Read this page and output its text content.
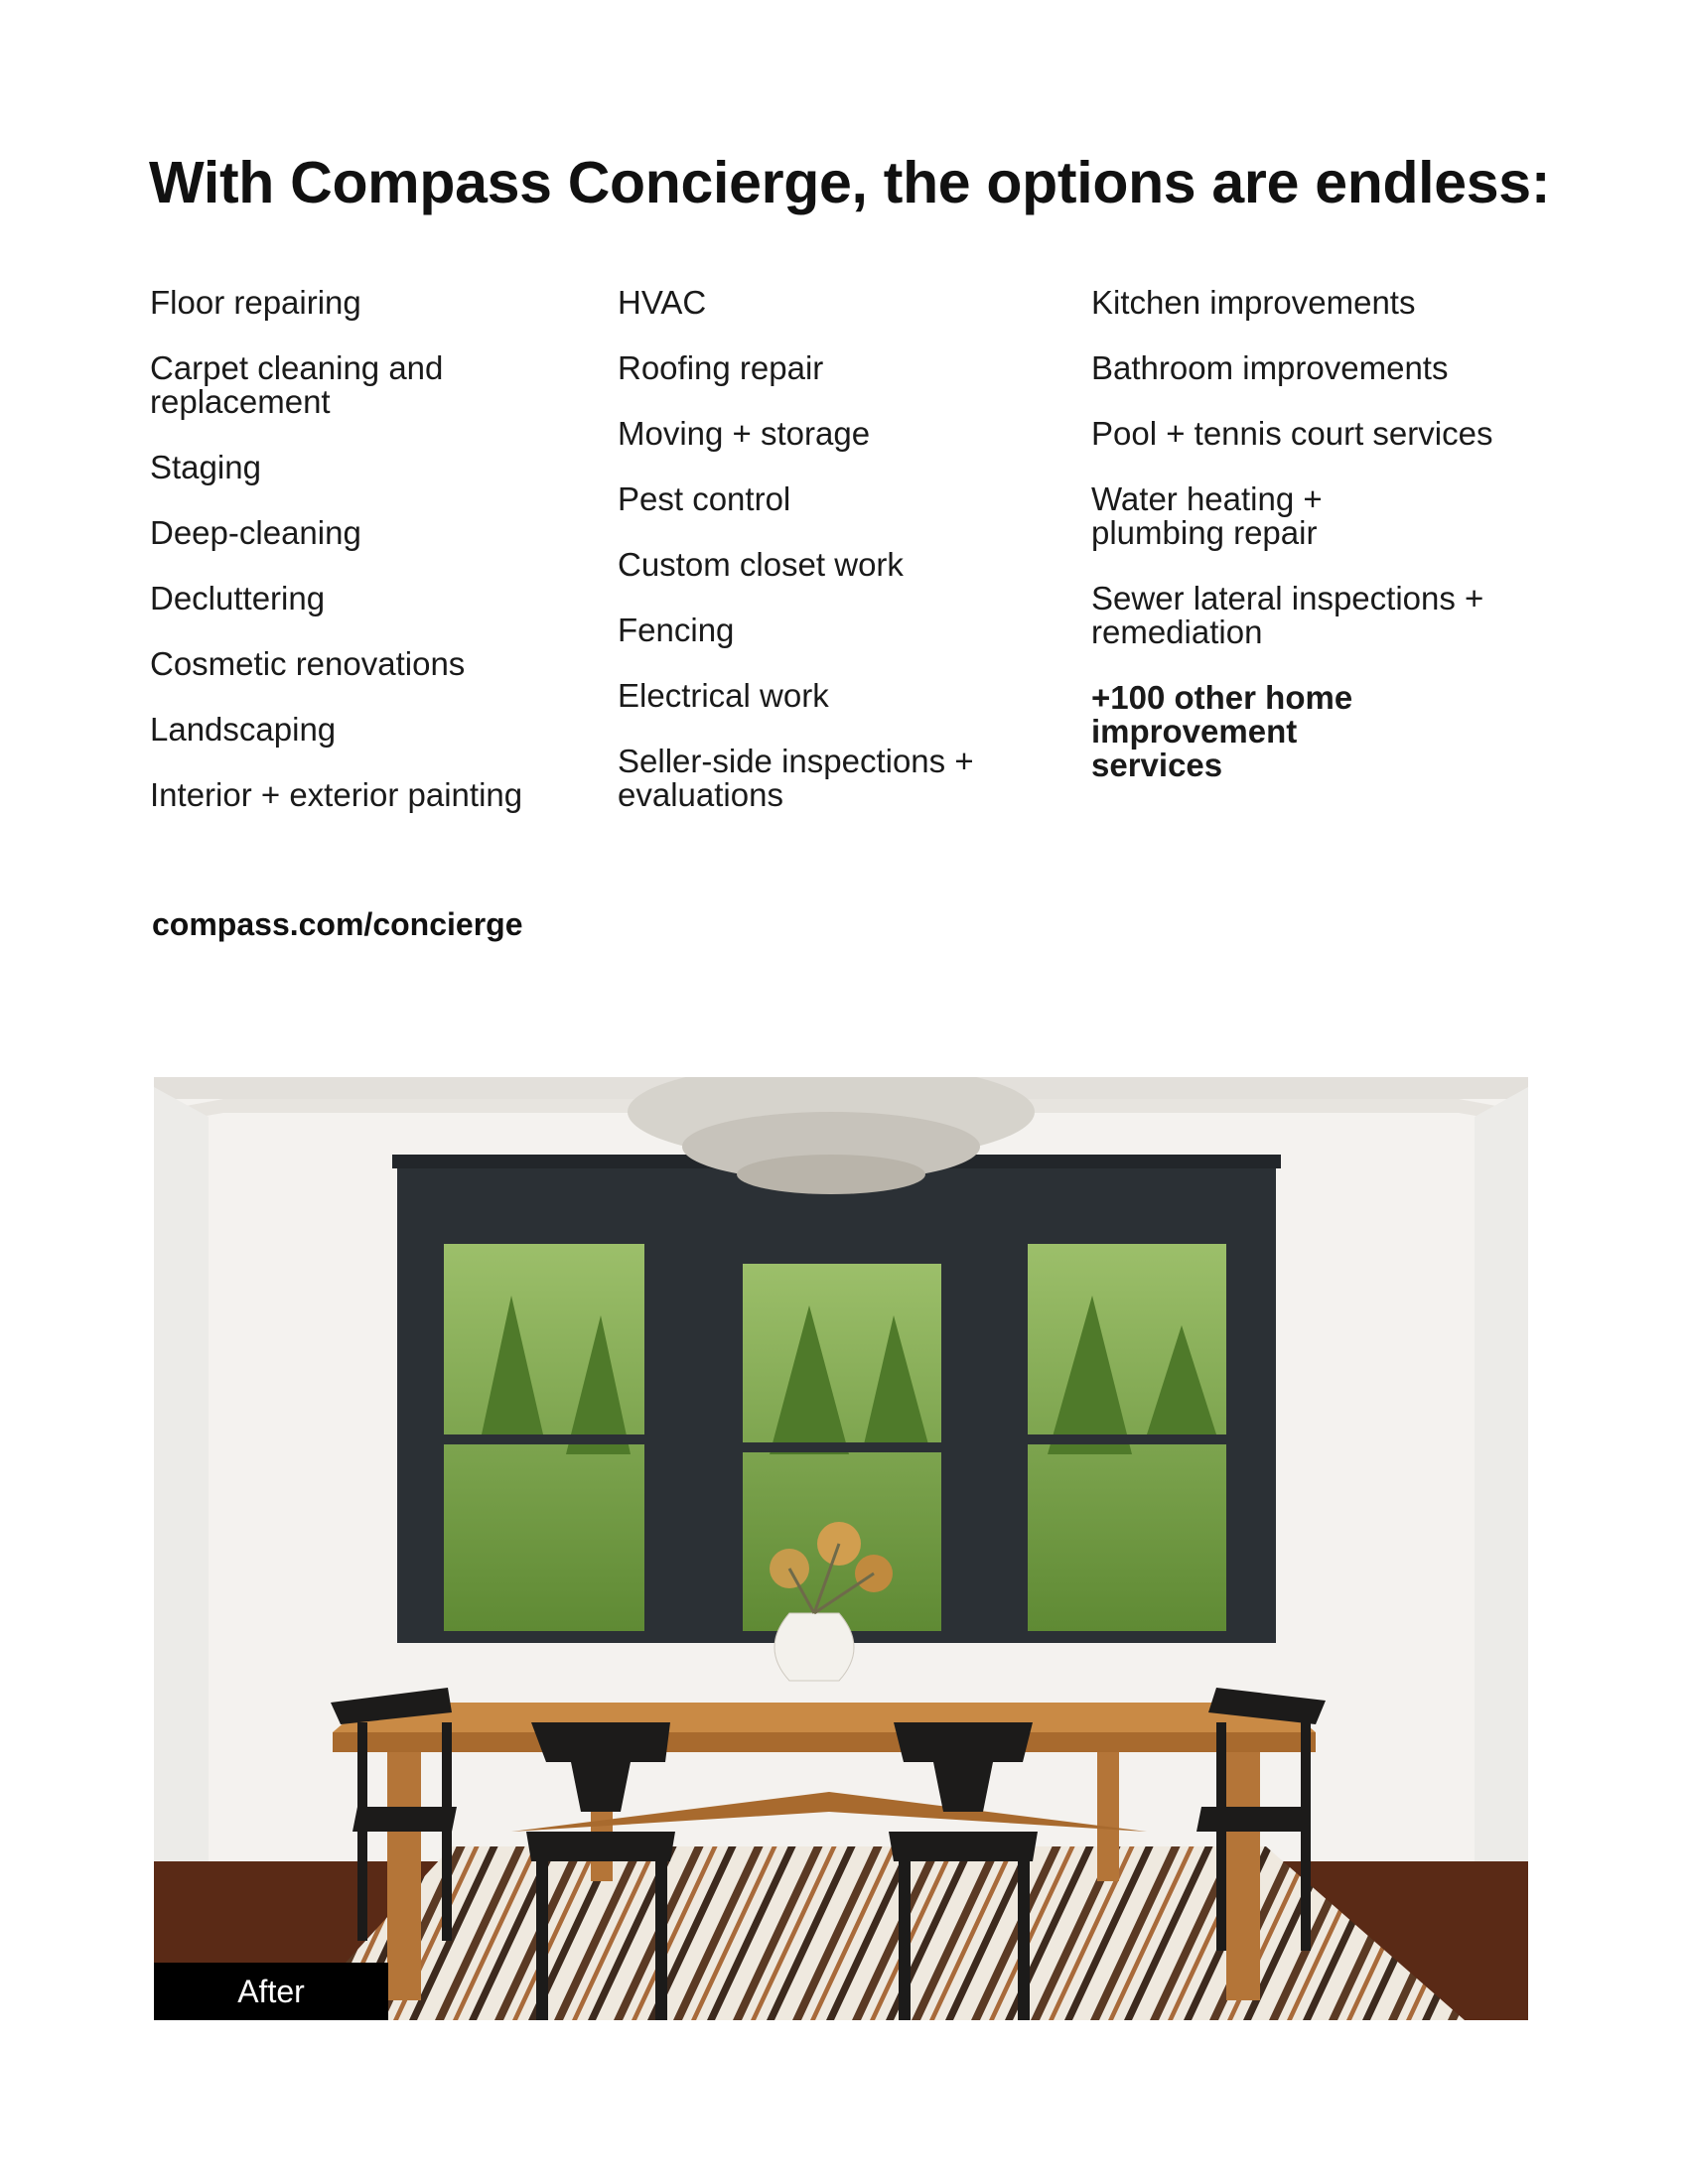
With Compass Concierge, the options are endless:

Floor repairing

Carpet cleaning and replacement

Staging

Deep-cleaning

Decluttering

Cosmetic renovations

Landscaping

Interior + exterior painting

HVAC

Roofing repair

Moving + storage

Pest control

Custom closet work

Fencing

Electrical work

Seller-side inspections + evaluations

Kitchen improvements

Bathroom improvements

Pool + tennis court services

Water heating + plumbing repair

Sewer lateral inspections + remediation

+100 other home improvement services

compass.com/concierge
After
